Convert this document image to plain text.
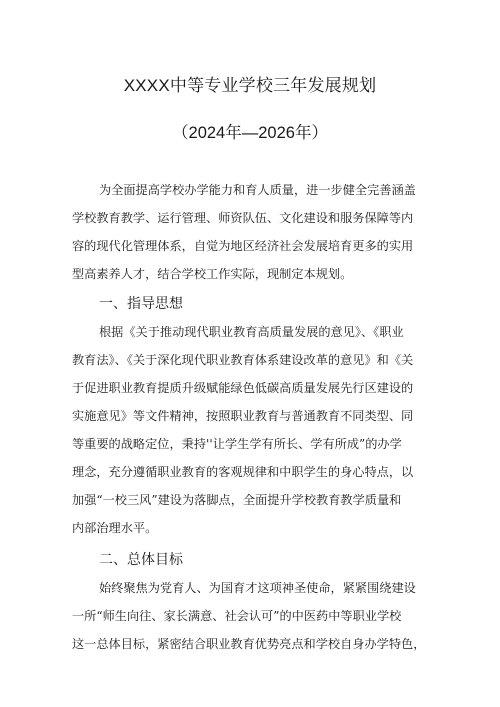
XXXX中等专业学校三年发展规划
（2024年—2026年）
为全面提高学校办学能力和育人质量，进一步健全完善涵盖
学校教育教学、运行管理、师资队伍、文化建设和服务保障等内
容的现代化管理体系，自觉为地区经济社会发展培育更多的实用
型高素养人才，结合学校工作实际，现制定本规划。
一、指导思想
根据《关于推动现代职业教育高质量发展的意见》、《职业
教育法》、《关于深化现代职业教育体系建设改革的意见》和《关
于促进职业教育提质升级赋能绿色低碳高质量发展先行区建设的
实施意见》等文件精神，按照职业教育与普通教育不同类型、同
等重要的战略定位，秉持''让学生学有所长、学有所成”的办学
理念，充分遵循职业教育的客观规律和中职学生的身心特点，以
加强“一校三风”建设为落脚点，全面提升学校教育教学质量和
内部治理水平。
二、总体目标
始终聚焦为党育人、为国育才这项神圣使命，紧紧围绕建设
一所“师生向往、家长满意、社会认可”的中医药中等职业学校
这一总体目标，紧密结合职业教育优势亮点和学校自身办学特色，
